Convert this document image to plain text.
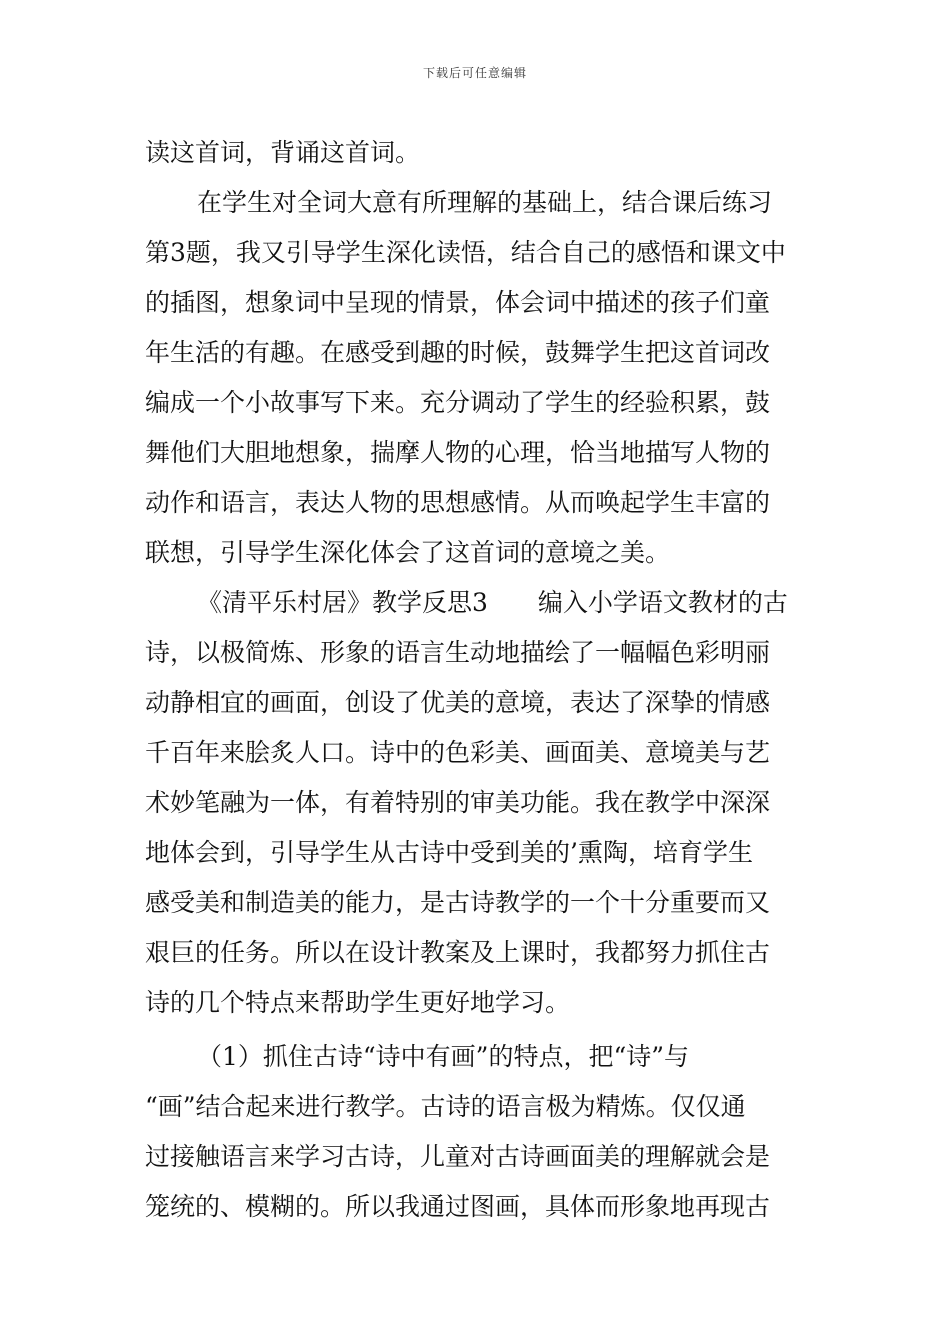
下载后可任意编辑
读这首词，背诵这首词。
在学生对全词大意有所理解的基础上，结合课后练习
第3题，我又引导学生深化读悟，结合自己的感悟和课文中
的插图，想象词中呈现的情景，体会词中描述的孩子们童
年生活的有趣。在感受到趣的时候，鼓舞学生把这首词改
编成一个小故事写下来。充分调动了学生的经验积累，鼓
舞他们大胆地想象，揣摩人物的心理，恰当地描写人物的
动作和语言，表达人物的思想感情。从而唤起学生丰富的
联想，引导学生深化体会了这首词的意境之美。
《清平乐村居》教学反思3　　编入小学语文教材的古
诗，以极简炼、形象的语言生动地描绘了一幅幅色彩明丽
动静相宜的画面，创设了优美的意境，表达了深挚的情感
千百年来脍炙人口。诗中的色彩美、画面美、意境美与艺
术妙笔融为一体，有着特别的审美功能。我在教学中深深
地体会到，引导学生从古诗中受到美的’熏陶，培育学生
感受美和制造美的能力，是古诗教学的一个十分重要而又
艰巨的任务。所以在设计教案及上课时，我都努力抓住古
诗的几个特点来帮助学生更好地学习。
（1）抓住古诗“诗中有画”的特点，把“诗”与
“画”结合起来进行教学。古诗的语言极为精炼。仅仅通
过接触语言来学习古诗，儿童对古诗画面美的理解就会是
笼统的、模糊的。所以我通过图画，具体而形象地再现古
